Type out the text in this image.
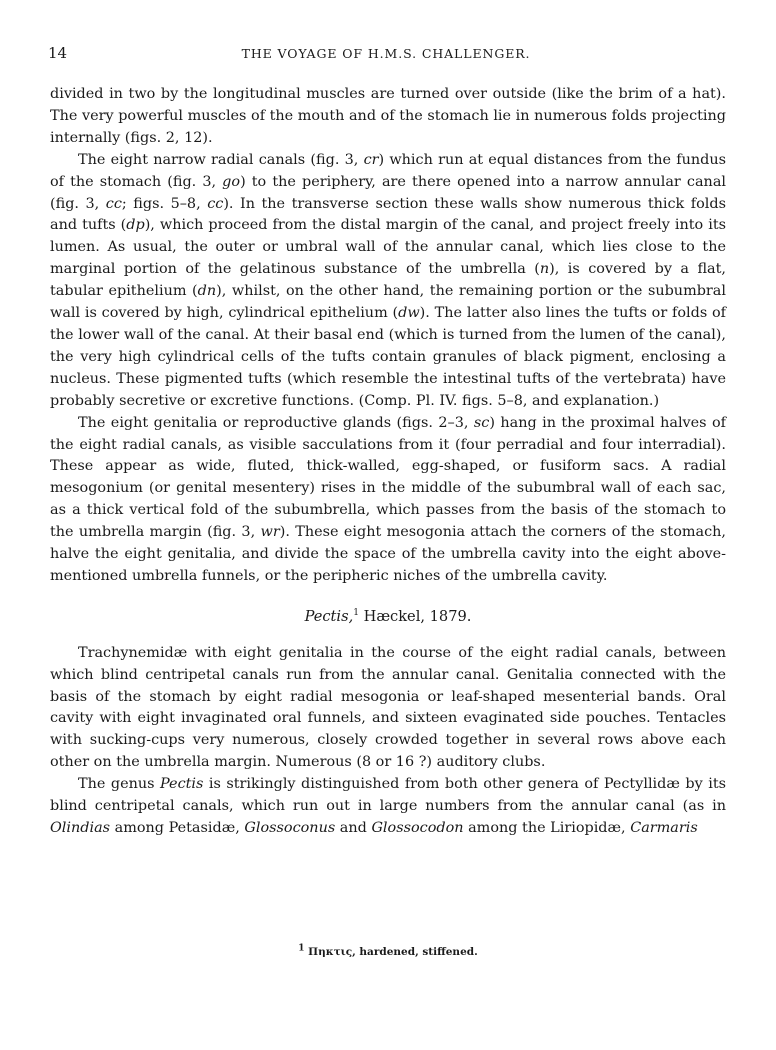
14	THE VOYAGE OF H.M.S. CHALLENGER.

divided in two by the longitudinal muscles are turned over outside (like the brim of a hat). The very powerful muscles of the mouth and of the stomach lie in numerous folds projecting internally (figs. 2, 12).

The eight narrow radial canals (fig. 3, cr) which run at equal distances from the fundus of the stomach (fig. 3, go) to the periphery, are there opened into a narrow annular canal (fig. 3, cc; figs. 5–8, cc). In the transverse section these walls show numerous thick folds and tufts (dp), which proceed from the distal margin of the canal, and project freely into its lumen. As usual, the outer or umbral wall of the annular canal, which lies close to the marginal portion of the gelatinous substance of the umbrella (n), is covered by a flat, tabular epithelium (dn), whilst, on the other hand, the remaining portion or the subumbral wall is covered by high, cylindrical epithelium (dw). The latter also lines the tufts or folds of the lower wall of the canal. At their basal end (which is turned from the lumen of the canal), the very high cylindrical cells of the tufts contain granules of black pigment, enclosing a nucleus. These pigmented tufts (which resemble the intestinal tufts of the vertebrata) have probably secretive or excretive functions. (Comp. Pl. IV. figs. 5–8, and explanation.)

The eight genitalia or reproductive glands (figs. 2–3, sc) hang in the proximal halves of the eight radial canals, as visible sacculations from it (four perradial and four interradial). These appear as wide, fluted, thick-walled, egg-shaped, or fusiform sacs. A radial mesogonium (or genital mesentery) rises in the middle of the subumbral wall of each sac, as a thick vertical fold of the subumbrella, which passes from the basis of the stomach to the umbrella margin (fig. 3, wr). These eight mesogonia attach the corners of the stomach, halve the eight genitalia, and divide the space of the umbrella cavity into the eight above-mentioned umbrella funnels, or the peripheric niches of the umbrella cavity.

Pectis,$^1$ Hæckel, 1879.

Trachynemidæ with eight genitalia in the course of the eight radial canals, between which blind centripetal canals run from the annular canal. Genitalia connected with the basis of the stomach by eight radial mesogonia or leaf-shaped mesenterial bands. Oral cavity with eight invaginated oral funnels, and sixteen evaginated side pouches. Tentacles with sucking-cups very numerous, closely crowded together in several rows above each other on the umbrella margin. Numerous (8 or 16 ?) auditory clubs.

The genus Pectis is strikingly distinguished from both other genera of Pectyllidæ by its blind centripetal canals, which run out in large numbers from the annular canal (as in Olindias among Petasidæ, Glossoconus and Glossocodon among the Liriopidæ, Carmaris

1 Πηκτις, hardened, stiffened.
